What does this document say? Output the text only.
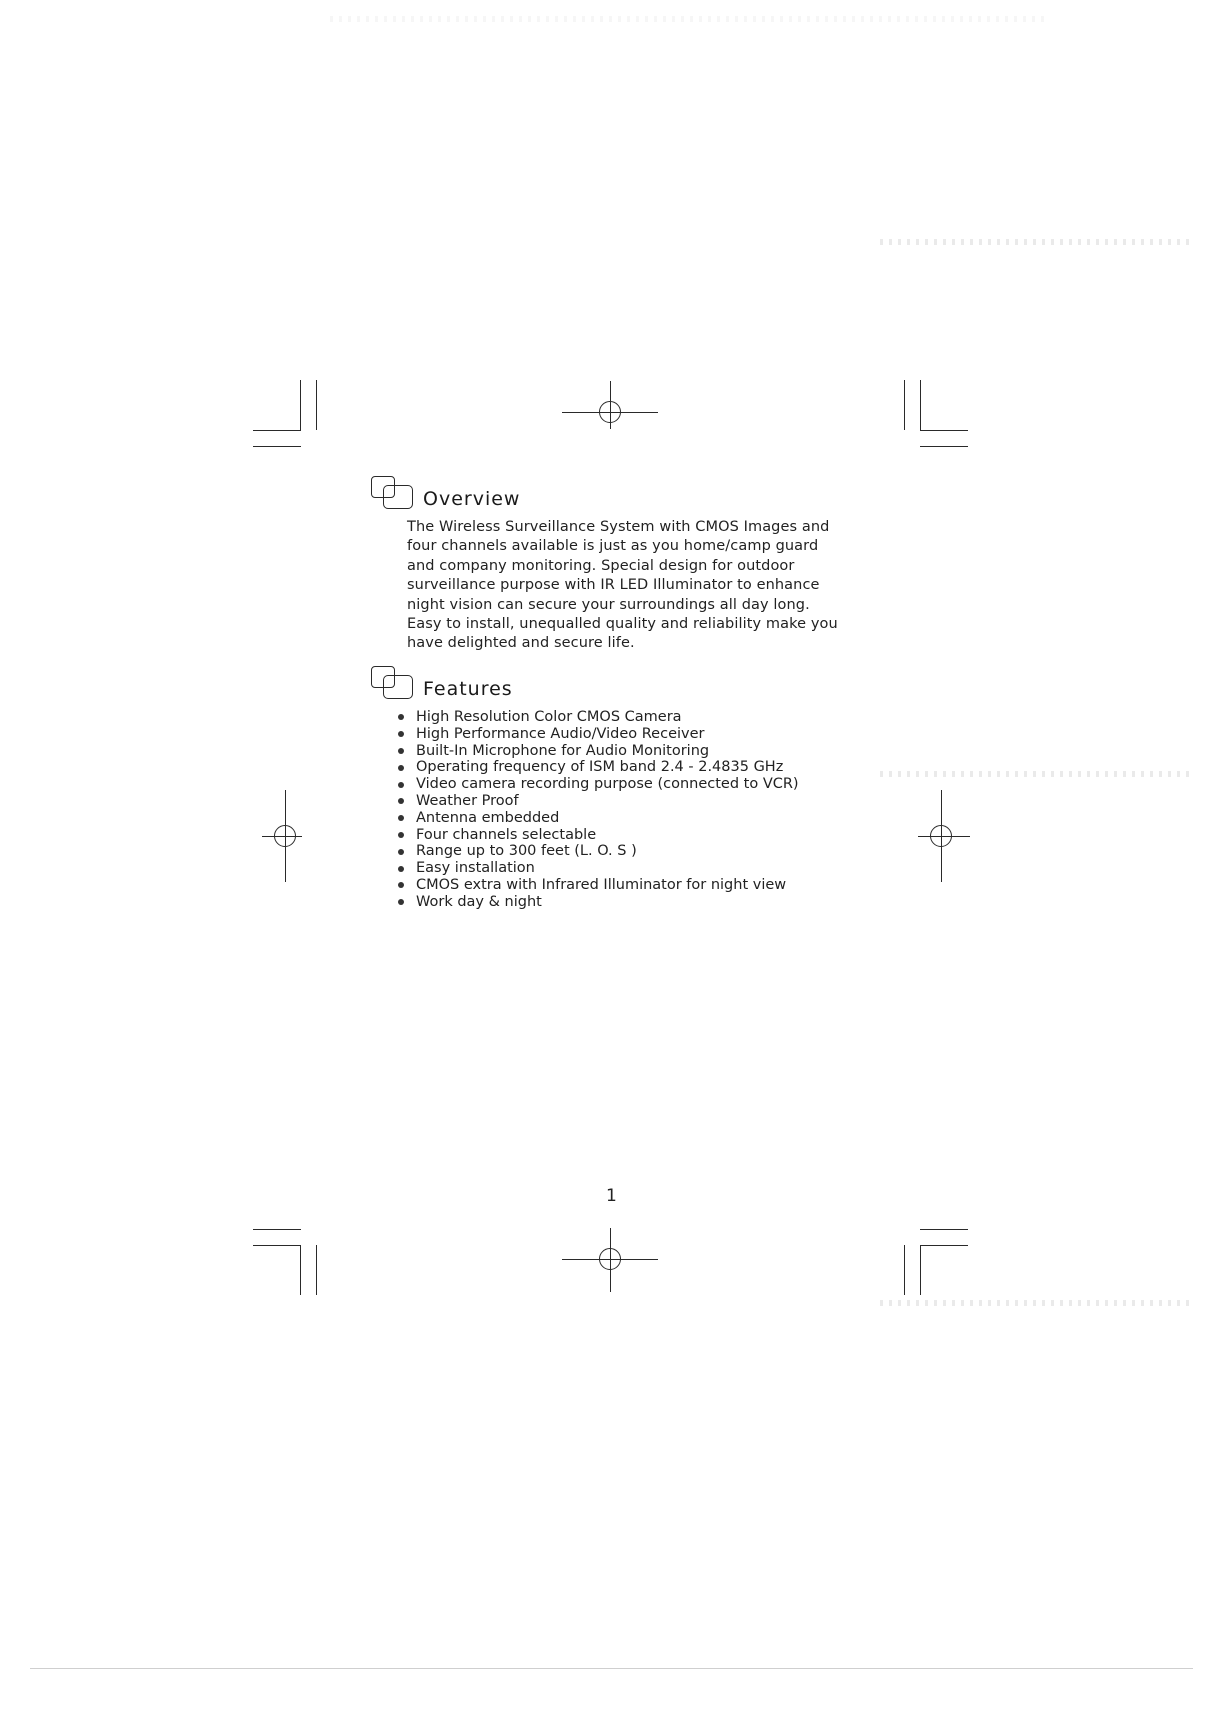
Overview
The Wireless Surveillance System with CMOS Images and
four channels available is just as you home/camp guard
and company monitoring. Special design for outdoor
surveillance purpose with IR LED Illuminator to enhance
night vision can secure your surroundings all day long.
Easy to install, unequalled quality and reliability make you
have delighted and secure life.
Features
High Resolution Color CMOS Camera
High Performance Audio/Video Receiver
Built-In Microphone for Audio Monitoring
Operating frequency of ISM band 2.4 - 2.4835 GHz
Video camera recording purpose (connected to VCR)
Weather Proof
Antenna embedded
Four channels selectable
Range up to 300 feet (L. O. S )
Easy installation
CMOS extra with Infrared Illuminator for night view
Work day & night
1
